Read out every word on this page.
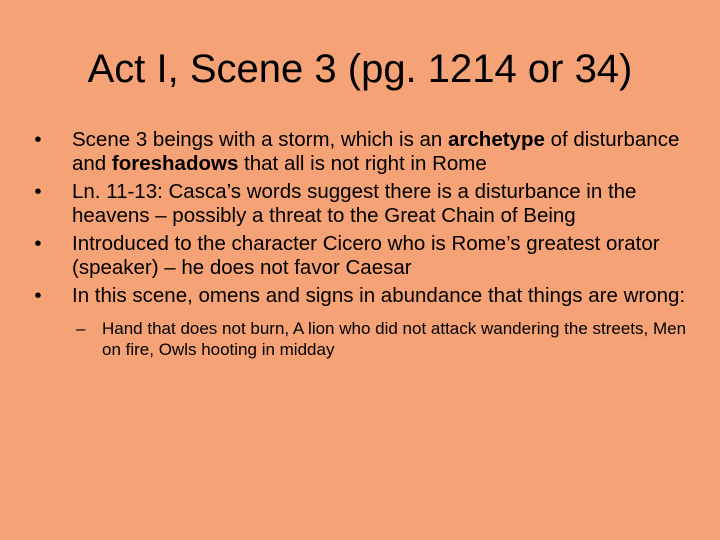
Act I, Scene 3 (pg. 1214 or 34)
•	Scene 3 beings with a storm, which is an archetype of disturbance and foreshadows that all is not right in Rome
•	Ln. 11-13: Casca’s words suggest there is a disturbance in the heavens – possibly a threat to the Great Chain of Being
•	Introduced to the character Cicero who is Rome’s greatest orator (speaker) – he does not favor Caesar
•	In this scene, omens and signs in abundance that things are wrong:
– Hand that does not burn, A lion who did not attack wandering the streets, Men on fire, Owls hooting in midday
